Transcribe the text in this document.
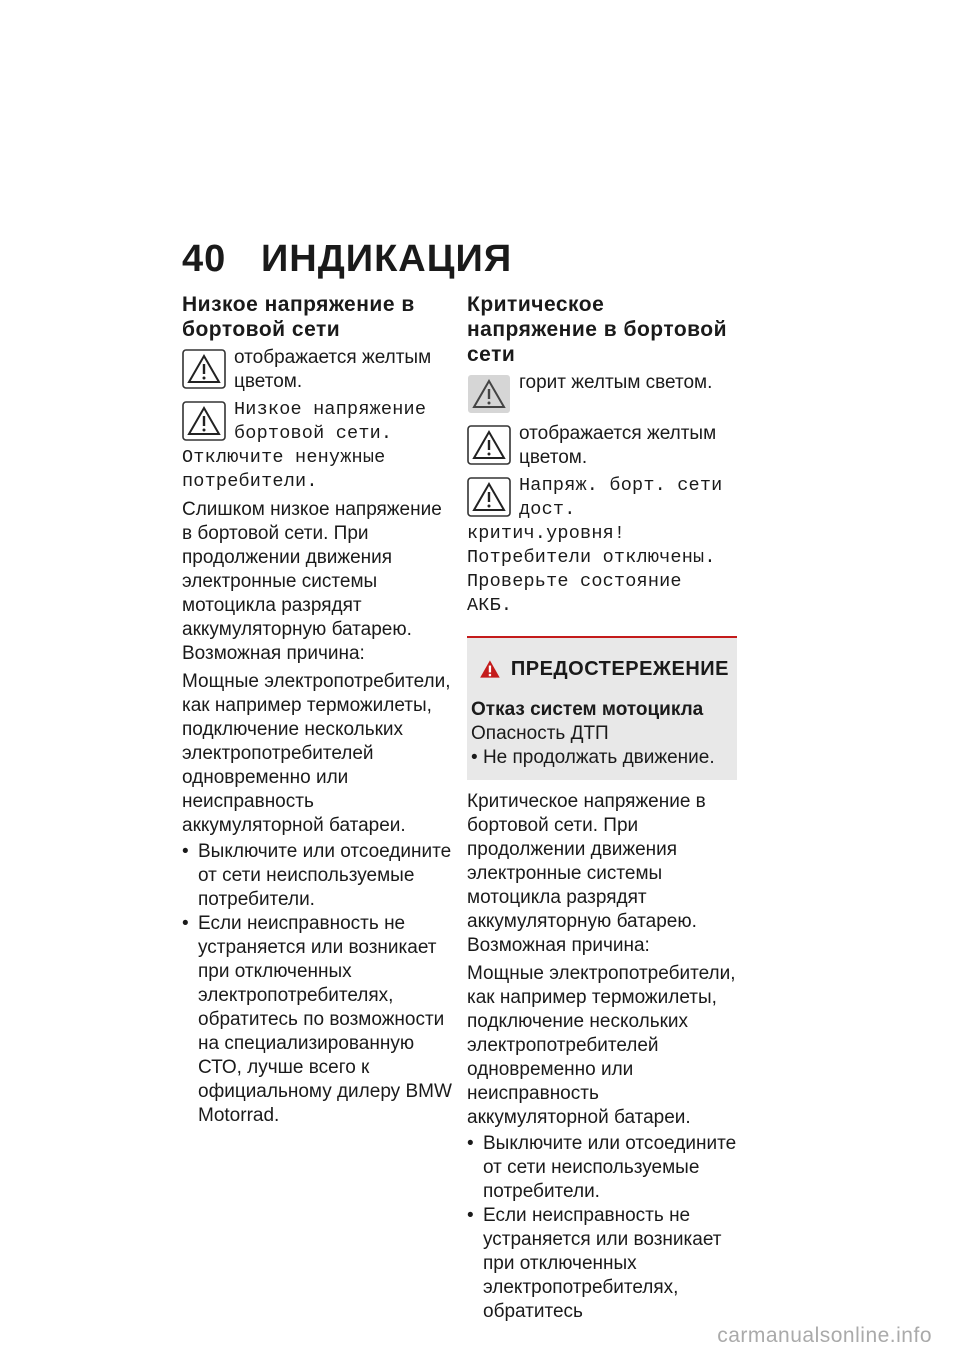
40 ИНДИКАЦИЯ
Низкое напряжение в бортовой сети

отображается желтым цветом.

Низкое напряжение бортовой сети. Отключите ненужные потребители.

Слишком низкое напряжение в бортовой сети. При продолжении движения электронные системы мотоцикла разрядят аккумуляторную батарею.

Возможная причина:

Мощные электропотребители, как например терможилеты, подключение нескольких электропотребителей одновременно или неисправность аккумуляторной батареи.

• Выключите или отсоедините от сети неиспользуемые потребители.
• Если неисправность не устраняется или возникает при отключенных электропотребителях, обратитесь по возможности на специализированную СТО, лучше всего к официальному дилеру BMW Motorrad.
Критическое напряжение в бортовой сети

горит желтым светом.

отображается желтым цветом.

Напряж. борт. сети дост. критич.уровня! Потребители отключены. Проверьте состояние АКБ.

ПРЕДОСТЕРЕЖЕНИЕ
Отказ систем мотоцикла
Опасность ДТП
• Не продолжать движение.

Критическое напряжение в бортовой сети. При продолжении движения электронные системы мотоцикла разрядят аккумуляторную батарею.

Возможная причина:

Мощные электропотребители, как например терможилеты, подключение нескольких электропотребителей одновременно или неисправность аккумуляторной батареи.

• Выключите или отсоедините от сети неиспользуемые потребители.
• Если неисправность не устраняется или возникает при отключенных электропотребителях, обратитесь
carmanualsonline.info
